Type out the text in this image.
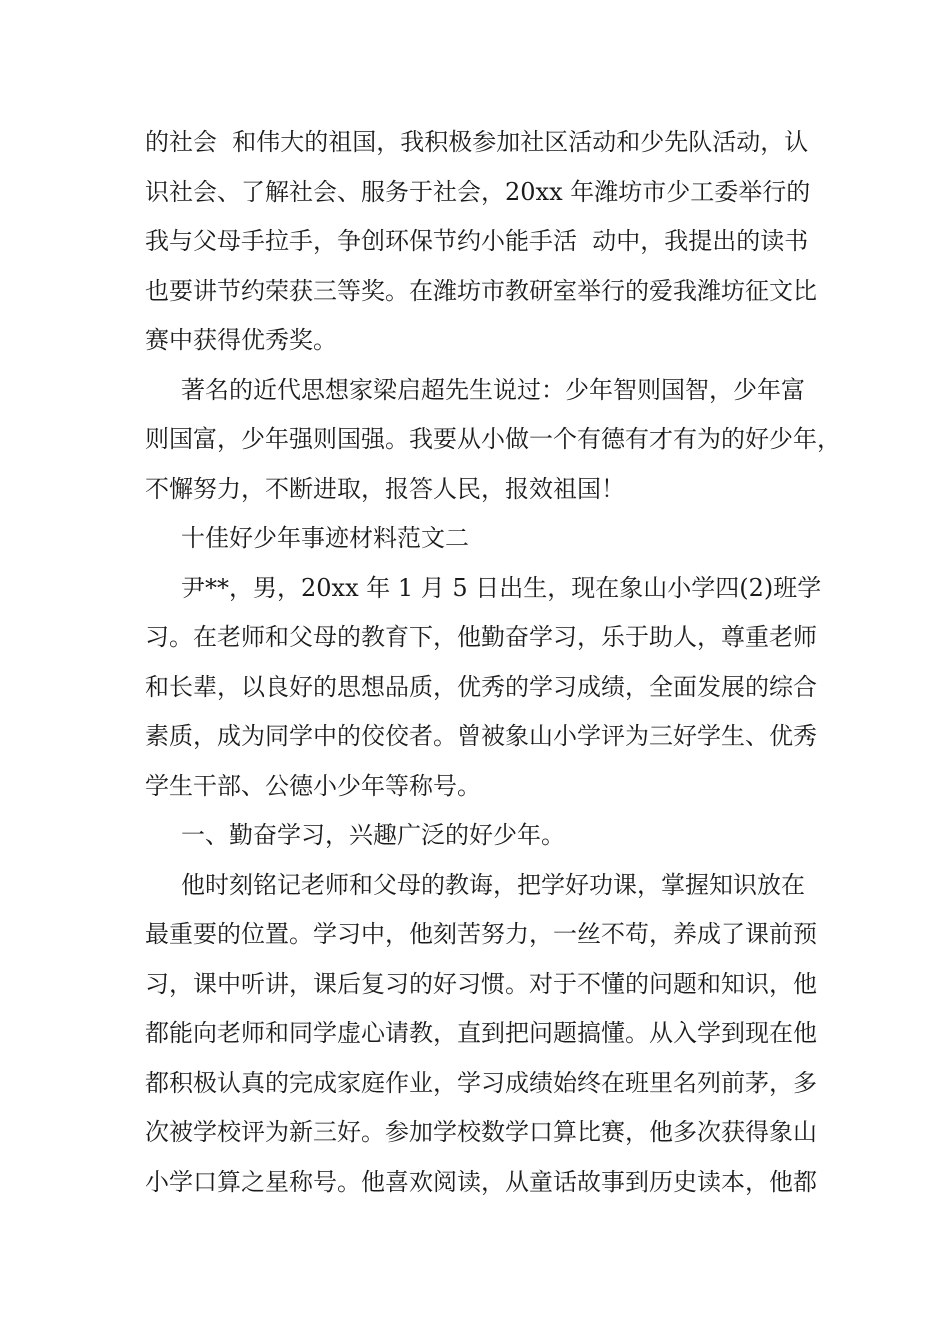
的社会  和伟大的祖国，我积极参加社区活动和少先队活动，认
识社会、了解社会、服务于社会，20xx 年潍坊市少工委举行的
我与父母手拉手，争创环保节约小能手活  动中，我提出的读书
也要讲节约荣获三等奖。在潍坊市教研室举行的爱我潍坊征文比
赛中获得优秀奖。
著名的近代思想家梁启超先生说过：少年智则国智，少年富
则国富，少年强则国强。我要从小做一个有德有才有为的好少年，
不懈努力，不断进取，报答人民，报效祖国！
十佳好少年事迹材料范文二
尹**，男，20xx 年 1 月 5 日出生，现在象山小学四(2)班学
习。在老师和父母的教育下，他勤奋学习，乐于助人，尊重老师
和长辈，以良好的思想品质，优秀的学习成绩，全面发展的综合
素质，成为同学中的佼佼者。曾被象山小学评为三好学生、优秀
学生干部、公德小少年等称号。
一、勤奋学习，兴趣广泛的好少年。
他时刻铭记老师和父母的教诲，把学好功课，掌握知识放在
最重要的位置。学习中，他刻苦努力，一丝不苟，养成了课前预
习，课中听讲，课后复习的好习惯。对于不懂的问题和知识，他
都能向老师和同学虚心请教，直到把问题搞懂。从入学到现在他
都积极认真的完成家庭作业，学习成绩始终在班里名列前茅，多
次被学校评为新三好。参加学校数学口算比赛，他多次获得象山
小学口算之星称号。他喜欢阅读，从童话故事到历史读本，他都
